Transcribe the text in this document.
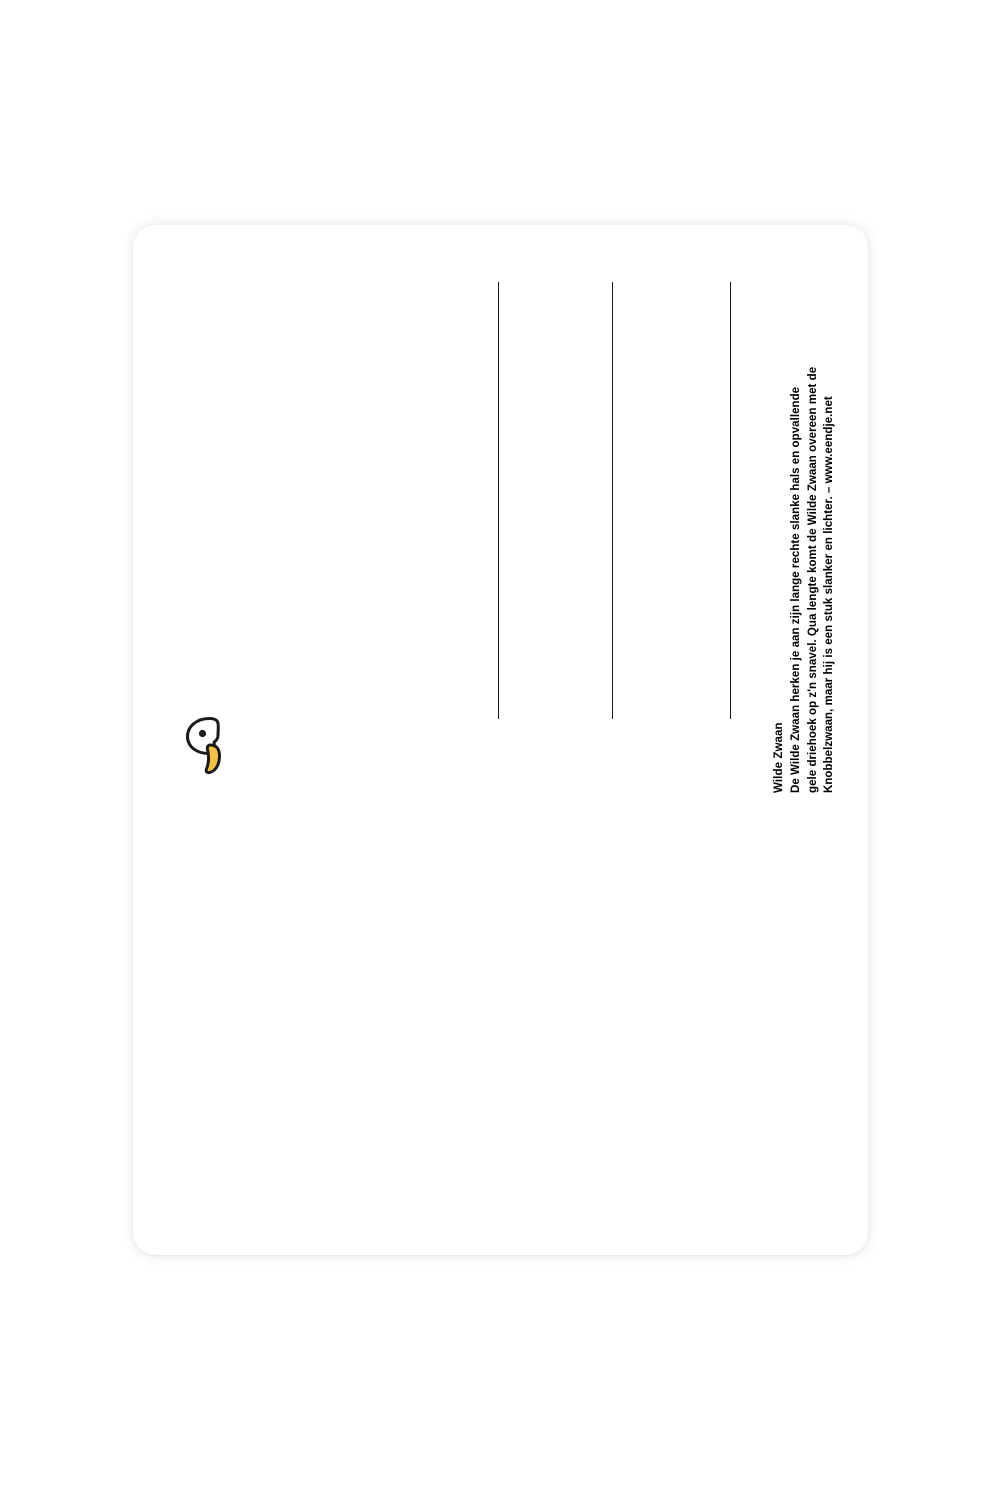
Wilde Zwaan De Wilde Zwaan herken je aan zijn lange rechte slanke hals en opvallende gele driehoek op z'n snavel. Qua lengte komt de Wilde Zwaan overeen met de Knobbelzwaan, maar hij is een stuk slanker en lichter. – www.eendje.net
